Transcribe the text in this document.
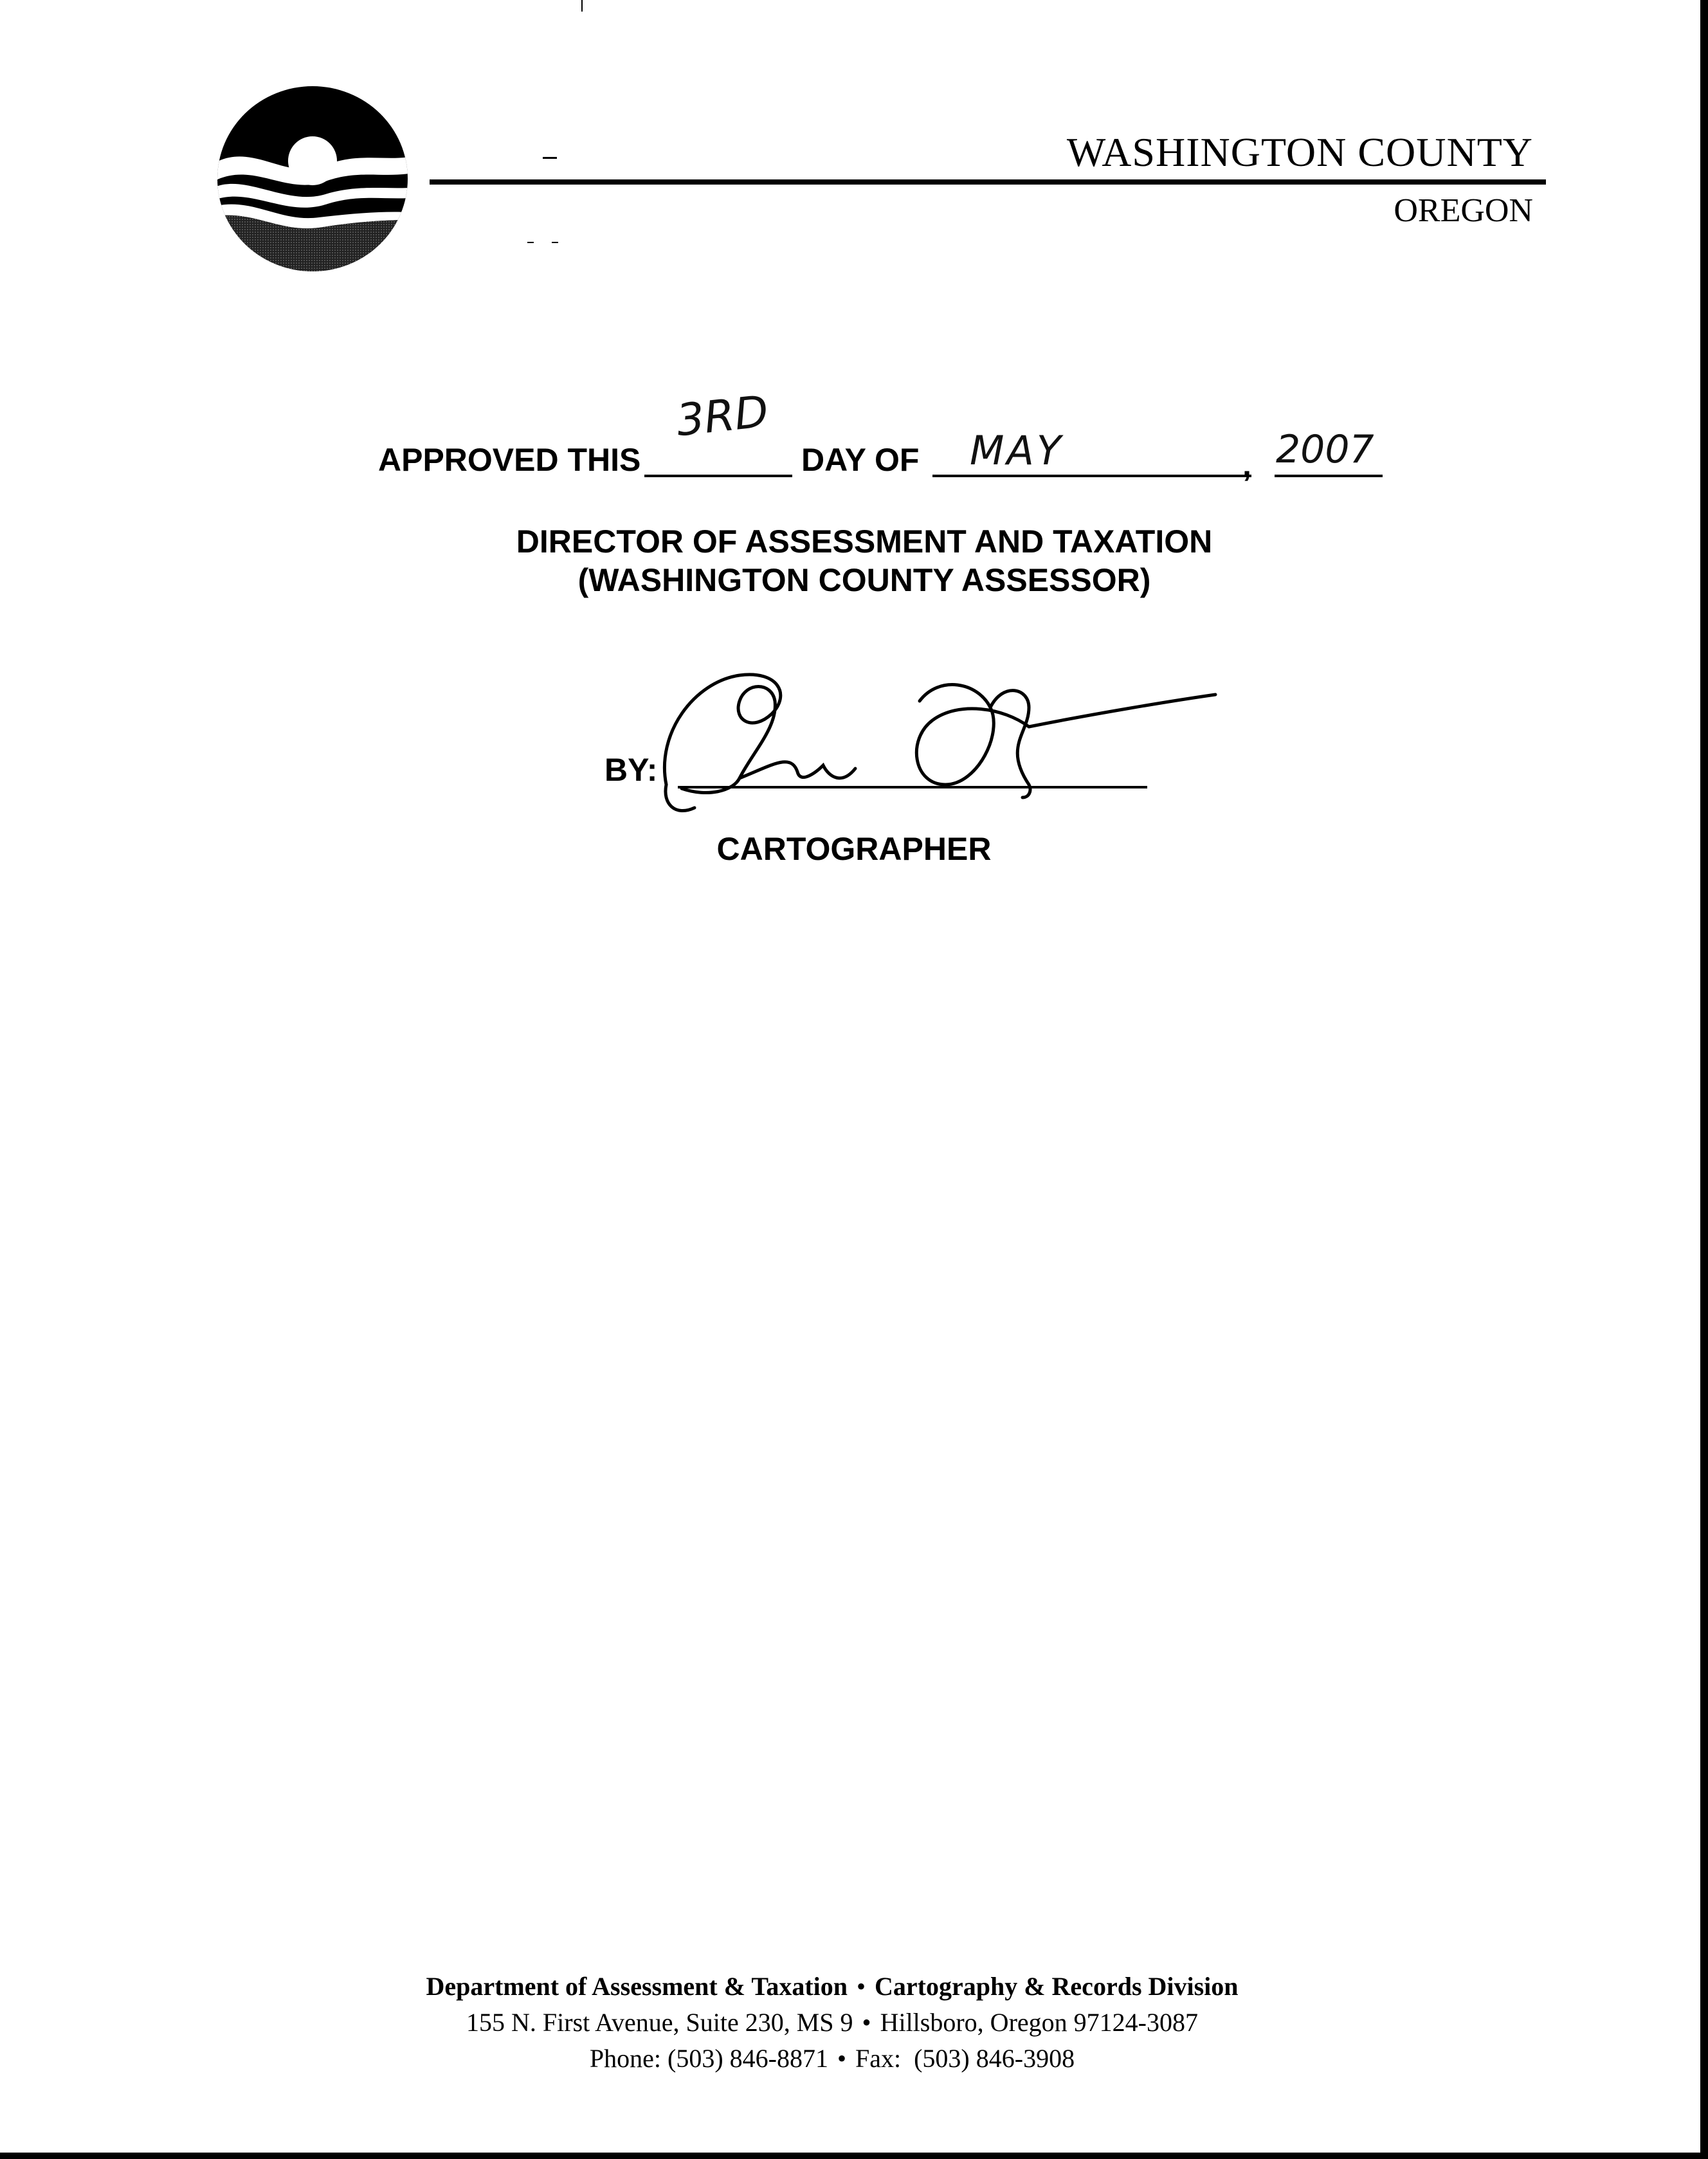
WASHINGTON COUNTY
OREGON
APPROVED THIS
3RD
DAY OF MAY	, 2007
DIRECTOR OF ASSESSMENT AND TAXATION
(WASHINGTON COUNTY ASSESSOR)
BY:
CARTOGRAPHER
Department of Assessment & Taxation • Cartography & Records Division
155 N. First Avenue, Suite 230, MS 9 • Hillsboro, Oregon 97124-3087
Phone: (503) 846-8871 • Fax:  (503) 846-3908
